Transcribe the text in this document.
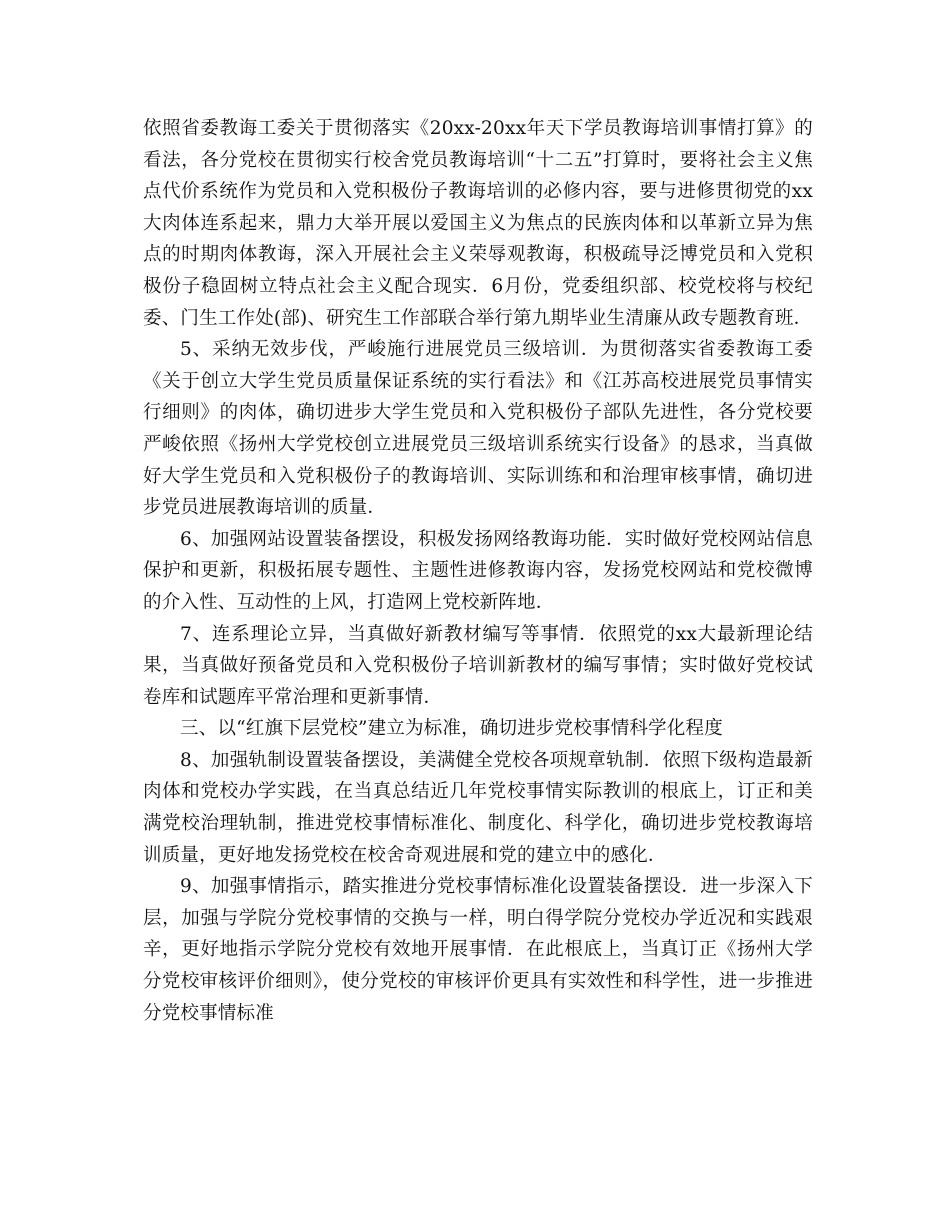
依照省委教诲工委关于贯彻落实《20xx-20xx年天下学员教诲培训事情打算》的看法，各分党校在贯彻实行校舍党员教诲培训“十二五”打算时，要将社会主义焦点代价系统作为党员和入党积极份子教诲培训的必修内容，要与进修贯彻党的xx大肉体连系起来，鼎力大举开展以爱国主义为焦点的民族肉体和以革新立异为焦点的时期肉体教诲，深入开展社会主义荣辱观教诲，积极疏导泛博党员和入党积极份子稳固树立特点社会主义配合现实．6月份，党委组织部、校党校将与校纪委、门生工作处(部)、研究生工作部联合举行第九期毕业生清廉从政专题教育班．

5、采纳无效步伐，严峻施行进展党员三级培训．为贯彻落实省委教诲工委《关于创立大学生党员质量保证系统的实行看法》和《江苏高校进展党员事情实行细则》的肉体，确切进步大学生党员和入党积极份子部队先进性，各分党校要严峻依照《扬州大学党校创立进展党员三级培训系统实行设备》的恳求，当真做好大学生党员和入党积极份子的教诲培训、实际训练和和治理审核事情，确切进步党员进展教诲培训的质量．

6、加强网站设置装备摆设，积极发扬网络教诲功能．实时做好党校网站信息保护和更新，积极拓展专题性、主题性进修教诲内容，发扬党校网站和党校微博的介入性、互动性的上风，打造网上党校新阵地．

7、连系理论立异，当真做好新教材编写等事情．依照党的xx大最新理论结果，当真做好预备党员和入党积极份子培训新教材的编写事情；实时做好党校试卷库和试题库平常治理和更新事情．

三、以“红旗下层党校”建立为标准，确切进步党校事情科学化程度

8、加强轨制设置装备摆设，美满健全党校各项规章轨制．依照下级构造最新肉体和党校办学实践，在当真总结近几年党校事情实际教训的根底上，订正和美满党校治理轨制，推进党校事情标准化、制度化、科学化，确切进步党校教诲培训质量，更好地发扬党校在校舍奇观进展和党的建立中的感化．

9、加强事情指示，踏实推进分党校事情标准化设置装备摆设．进一步深入下层，加强与学院分党校事情的交换与一样，明白得学院分党校办学近况和实践艰辛，更好地指示学院分党校有效地开展事情．在此根底上，当真订正《扬州大学分党校审核评价细则》，使分党校的审核评价更具有实效性和科学性，进一步推进分党校事情标准
